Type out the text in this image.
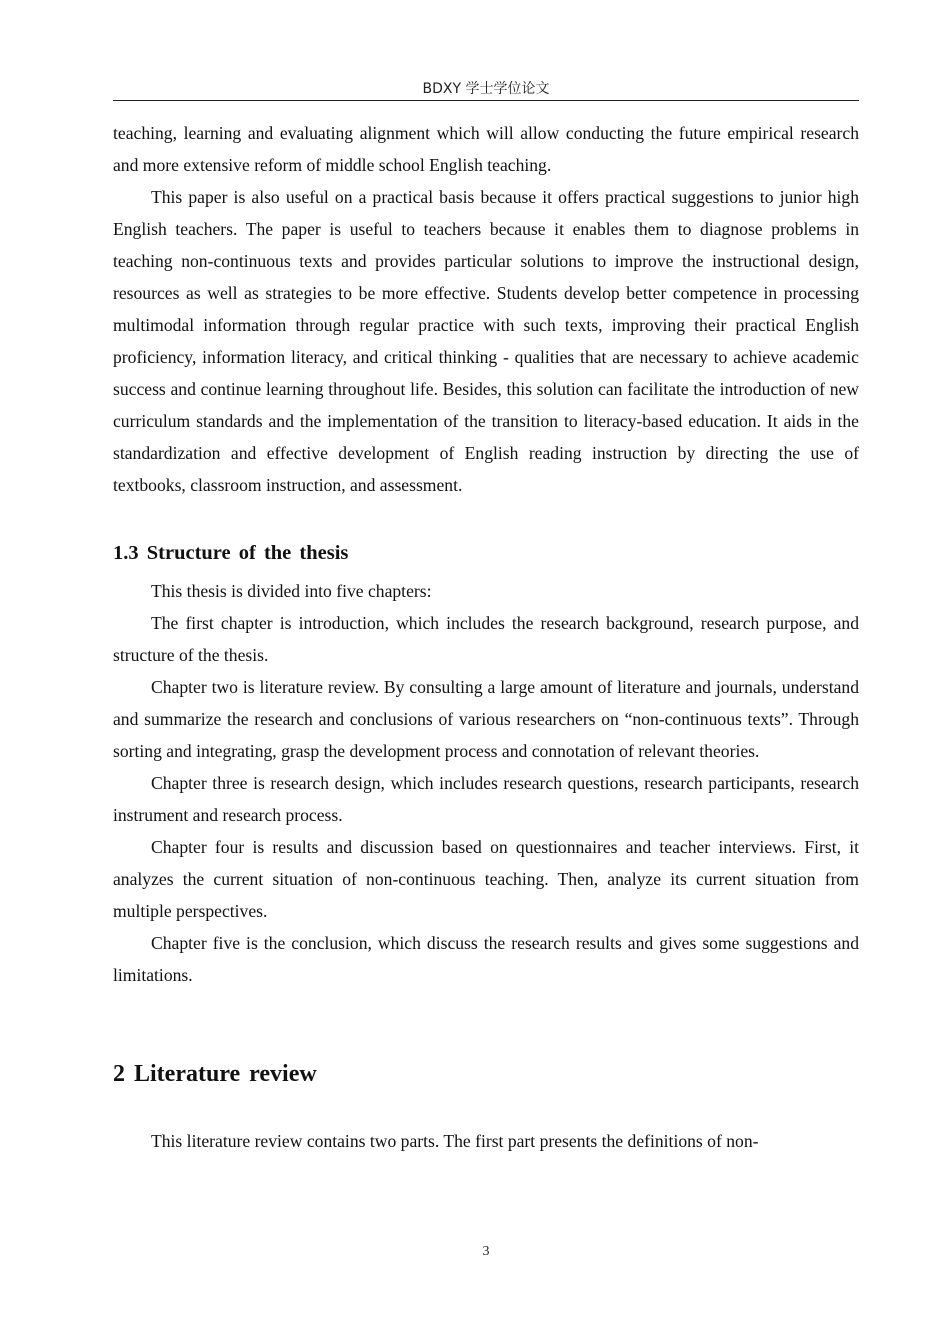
BDXY 学士学位论文

teaching, learning and evaluating alignment which will allow conducting the future empirical research and more extensive reform of middle school English teaching.

This paper is also useful on a practical basis because it offers practical suggestions to junior high English teachers. The paper is useful to teachers because it enables them to diagnose problems in teaching non-continuous texts and provides particular solutions to improve the instructional design, resources as well as strategies to be more effective. Students develop better competence in processing multimodal information through regular practice with such texts, improving their practical English proficiency, information literacy, and critical thinking - qualities that are necessary to achieve academic success and continue learning throughout life. Besides, this solution can facilitate the introduction of new curriculum standards and the implementation of the transition to literacy-based education. It aids in the standardization and effective development of English reading instruction by directing the use of textbooks, classroom instruction, and assessment.

1.3 Structure of the thesis

This thesis is divided into five chapters:

The first chapter is introduction, which includes the research background, research purpose, and structure of the thesis.

Chapter two is literature review. By consulting a large amount of literature and journals, understand and summarize the research and conclusions of various researchers on “non-continuous texts”. Through sorting and integrating, grasp the development process and connotation of relevant theories.

Chapter three is research design, which includes research questions, research participants, research instrument and research process.

Chapter four is results and discussion based on questionnaires and teacher interviews. First, it analyzes the current situation of non-continuous teaching. Then, analyze its current situation from multiple perspectives.

Chapter five is the conclusion, which discuss the research results and gives some suggestions and limitations.

2 Literature review

This literature review contains two parts. The first part presents the definitions of non-

3
